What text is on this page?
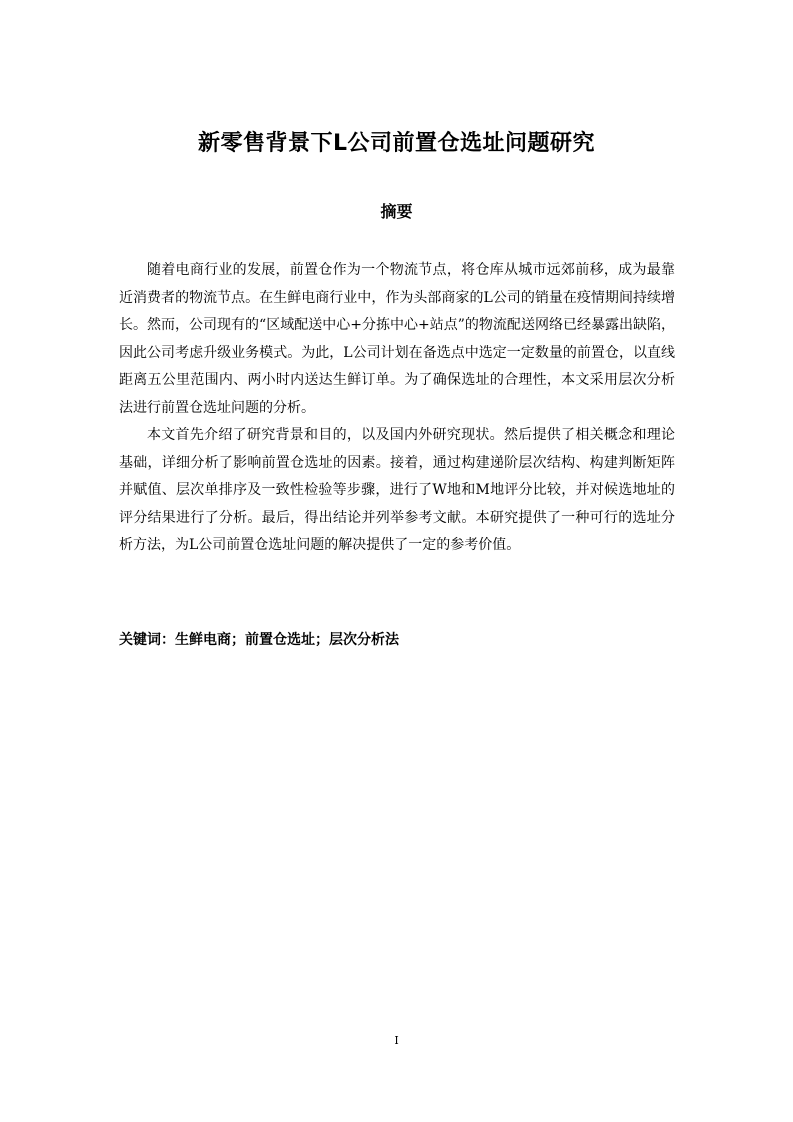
新零售背景下L公司前置仓选址问题研究
摘要

随着电商行业的发展，前置仓作为一个物流节点，将仓库从城市远郊前移，成为最靠近消费者的物流节点。在生鲜电商行业中，作为头部商家的L公司的销量在疫情期间持续增长。然而，公司现有的“区域配送中心+分拣中心+站点”的物流配送网络已经暴露出缺陷，因此公司考虑升级业务模式。为此，L公司计划在备选点中选定一定数量的前置仓，以直线距离五公里范围内、两小时内送达生鲜订单。为了确保选址的合理性，本文采用层次分析法进行前置仓选址问题的分析。

本文首先介绍了研究背景和目的，以及国内外研究现状。然后提供了相关概念和理论基础，详细分析了影响前置仓选址的因素。接着，通过构建递阶层次结构、构建判断矩阵并赋值、层次单排序及一致性检验等步骤，进行了W地和M地评分比较，并对候选地址的评分结果进行了分析。最后，得出结论并列举参考文献。本研究提供了一种可行的选址分析方法，为L公司前置仓选址问题的解决提供了一定的参考价值。

关键词：生鲜电商；前置仓选址；层次分析法
I
